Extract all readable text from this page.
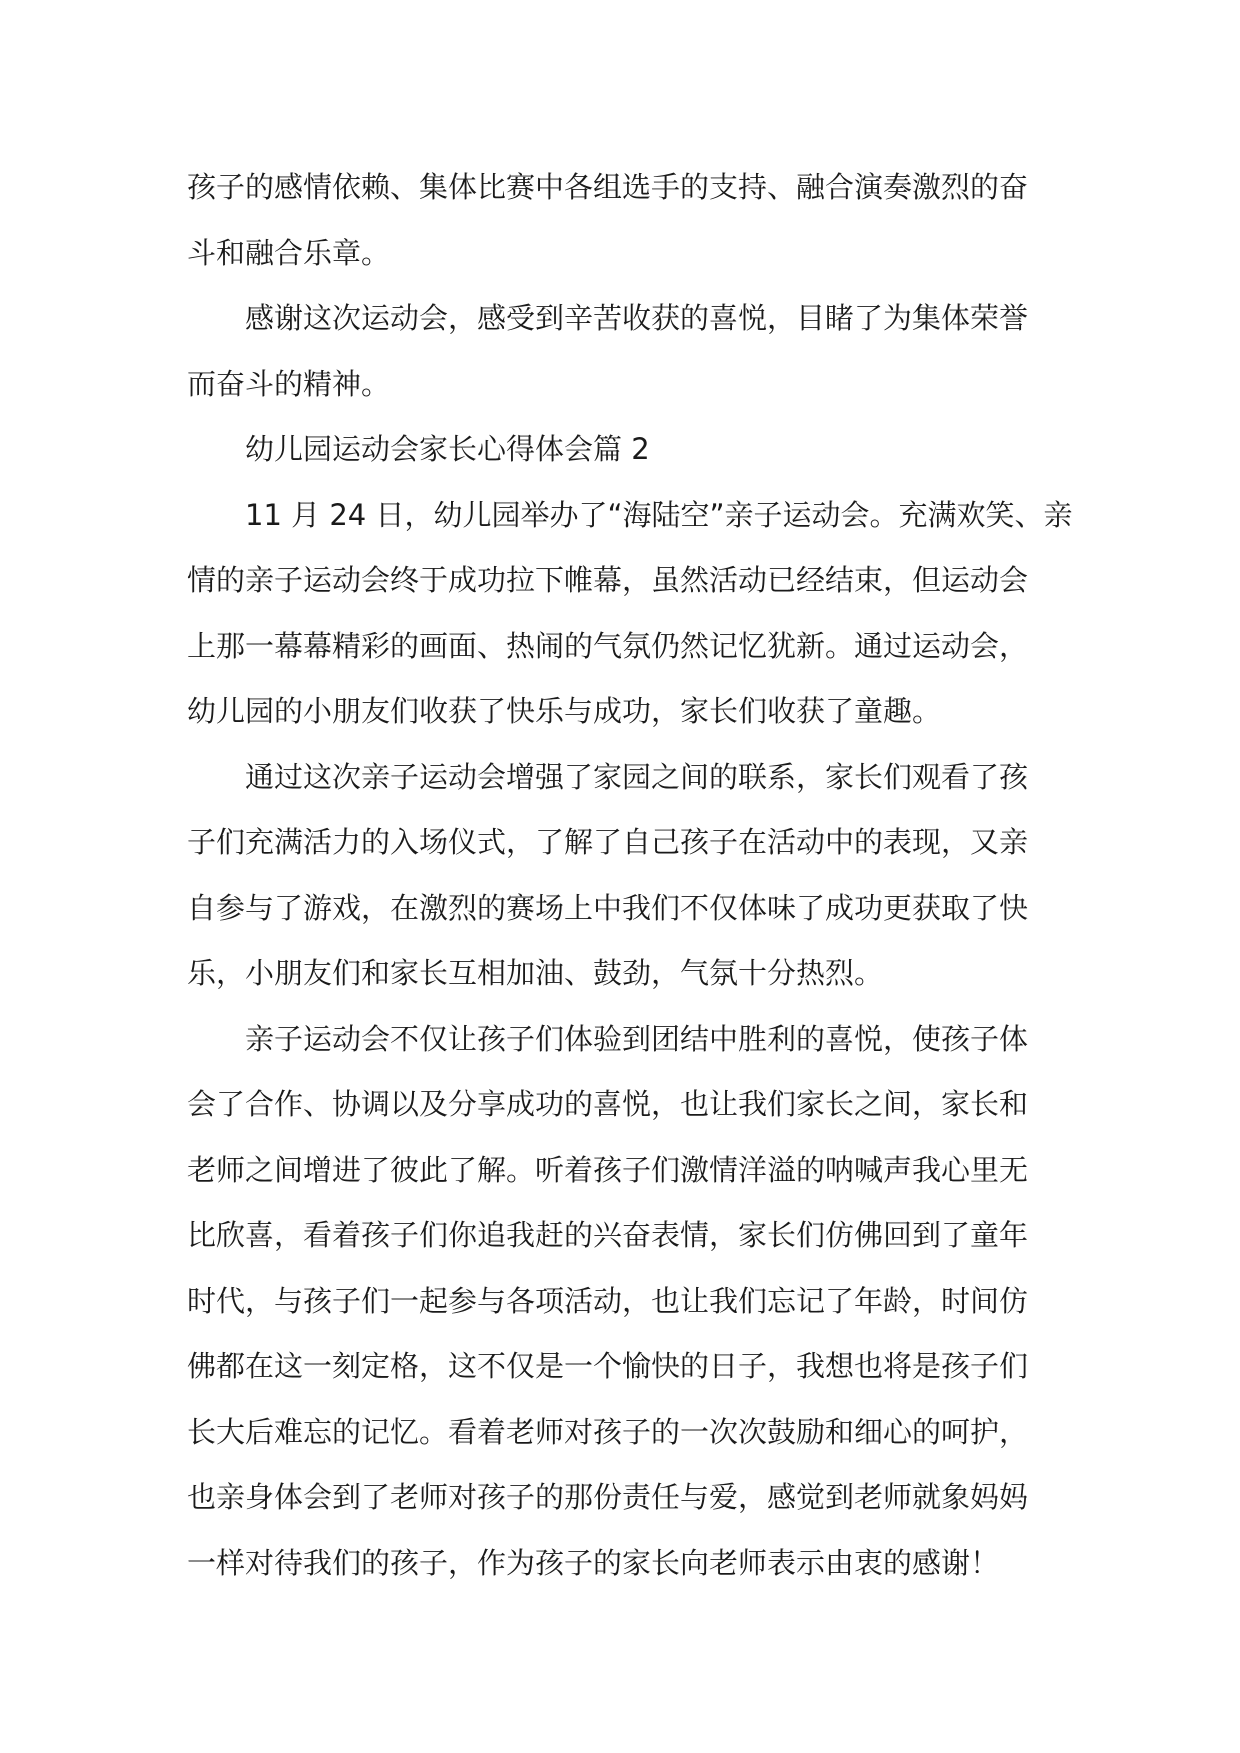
孩子的感情依赖、集体比赛中各组选手的支持、融合演奏激烈的奋
斗和融合乐章。

感谢这次运动会，感受到辛苦收获的喜悦，目睹了为集体荣誉
而奋斗的精神。

幼儿园运动会家长心得体会篇 2

11 月 24 日，幼儿园举办了“海陆空”亲子运动会。充满欢笑、亲
情的亲子运动会终于成功拉下帷幕，虽然活动已经结束，但运动会
上那一幕幕精彩的画面、热闹的气氛仍然记忆犹新。通过运动会，
幼儿园的小朋友们收获了快乐与成功，家长们收获了童趣。

通过这次亲子运动会增强了家园之间的联系，家长们观看了孩
子们充满活力的入场仪式，了解了自己孩子在活动中的表现，又亲
自参与了游戏，在激烈的赛场上中我们不仅体味了成功更获取了快
乐，小朋友们和家长互相加油、鼓劲，气氛十分热烈。

亲子运动会不仅让孩子们体验到团结中胜利的喜悦，使孩子体
会了合作、协调以及分享成功的喜悦，也让我们家长之间，家长和
老师之间增进了彼此了解。听着孩子们激情洋溢的呐喊声我心里无
比欣喜，看着孩子们你追我赶的兴奋表情，家长们仿佛回到了童年
时代，与孩子们一起参与各项活动，也让我们忘记了年龄，时间仿
佛都在这一刻定格，这不仅是一个愉快的日子，我想也将是孩子们
长大后难忘的记忆。看着老师对孩子的一次次鼓励和细心的呵护，
也亲身体会到了老师对孩子的那份责任与爱，感觉到老师就象妈妈
一样对待我们的孩子，作为孩子的家长向老师表示由衷的感谢！
